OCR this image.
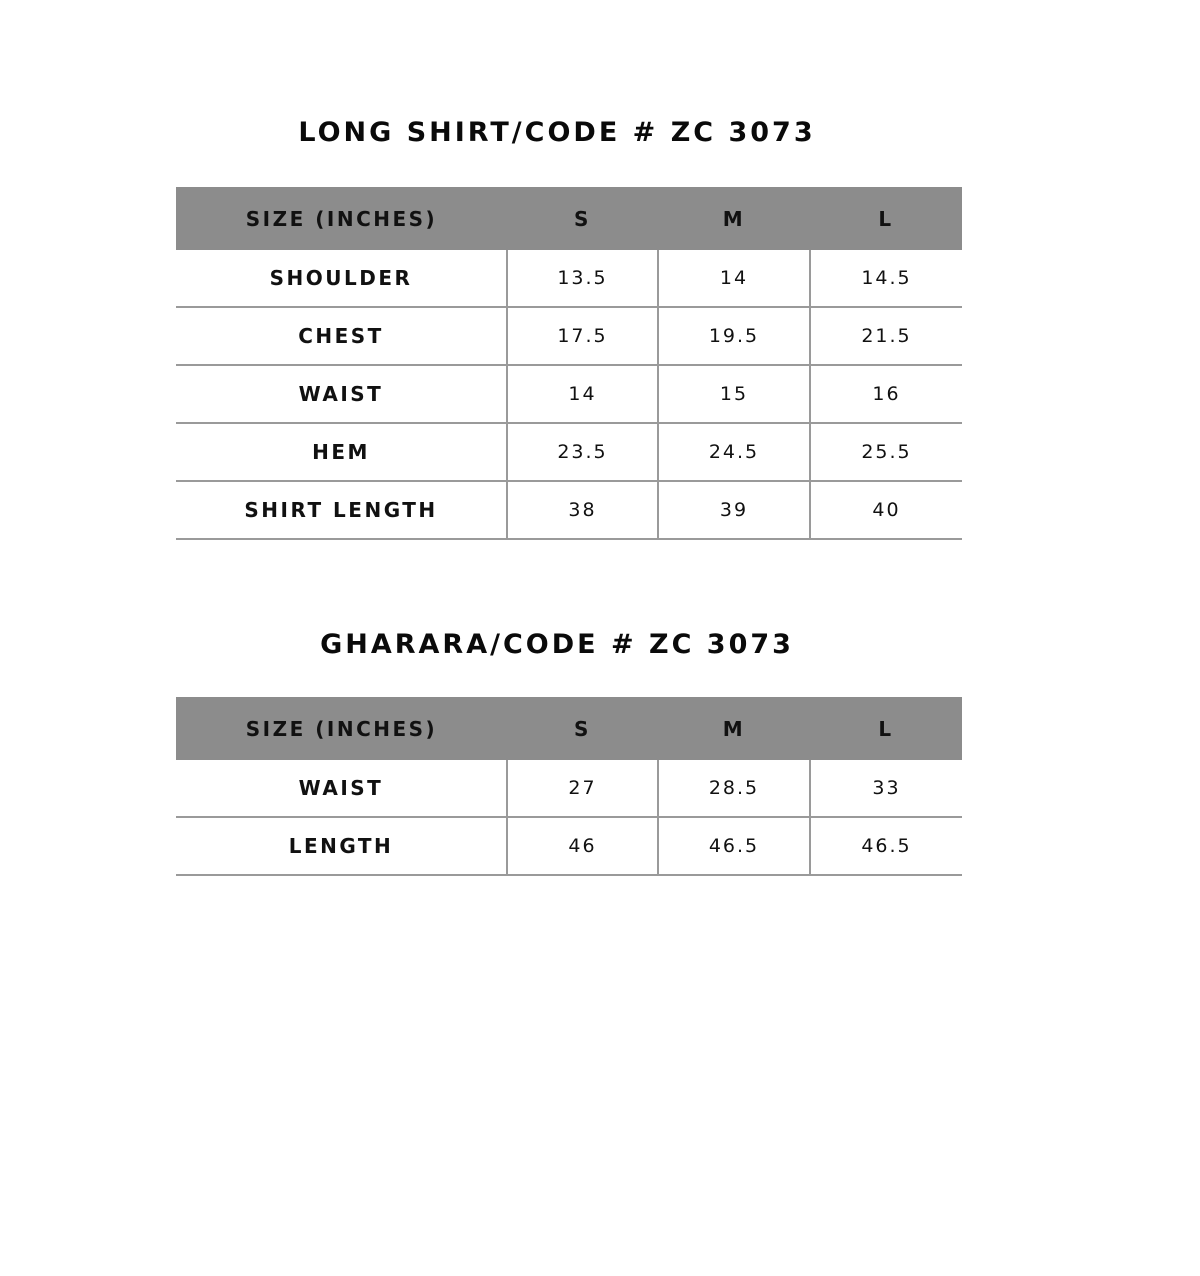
LONG SHIRT/CODE # ZC 3073
SIZE (INCHES)	S	M	L
SHOULDER	13.5	14	14.5
CHEST	17.5	19.5	21.5
WAIST	14	15	16
HEM	23.5	24.5	25.5
SHIRT LENGTH	38	39	40
GHARARA/CODE # ZC 3073
SIZE (INCHES)	S	M	L
WAIST	27	28.5	33
LENGTH	46	46.5	46.5
